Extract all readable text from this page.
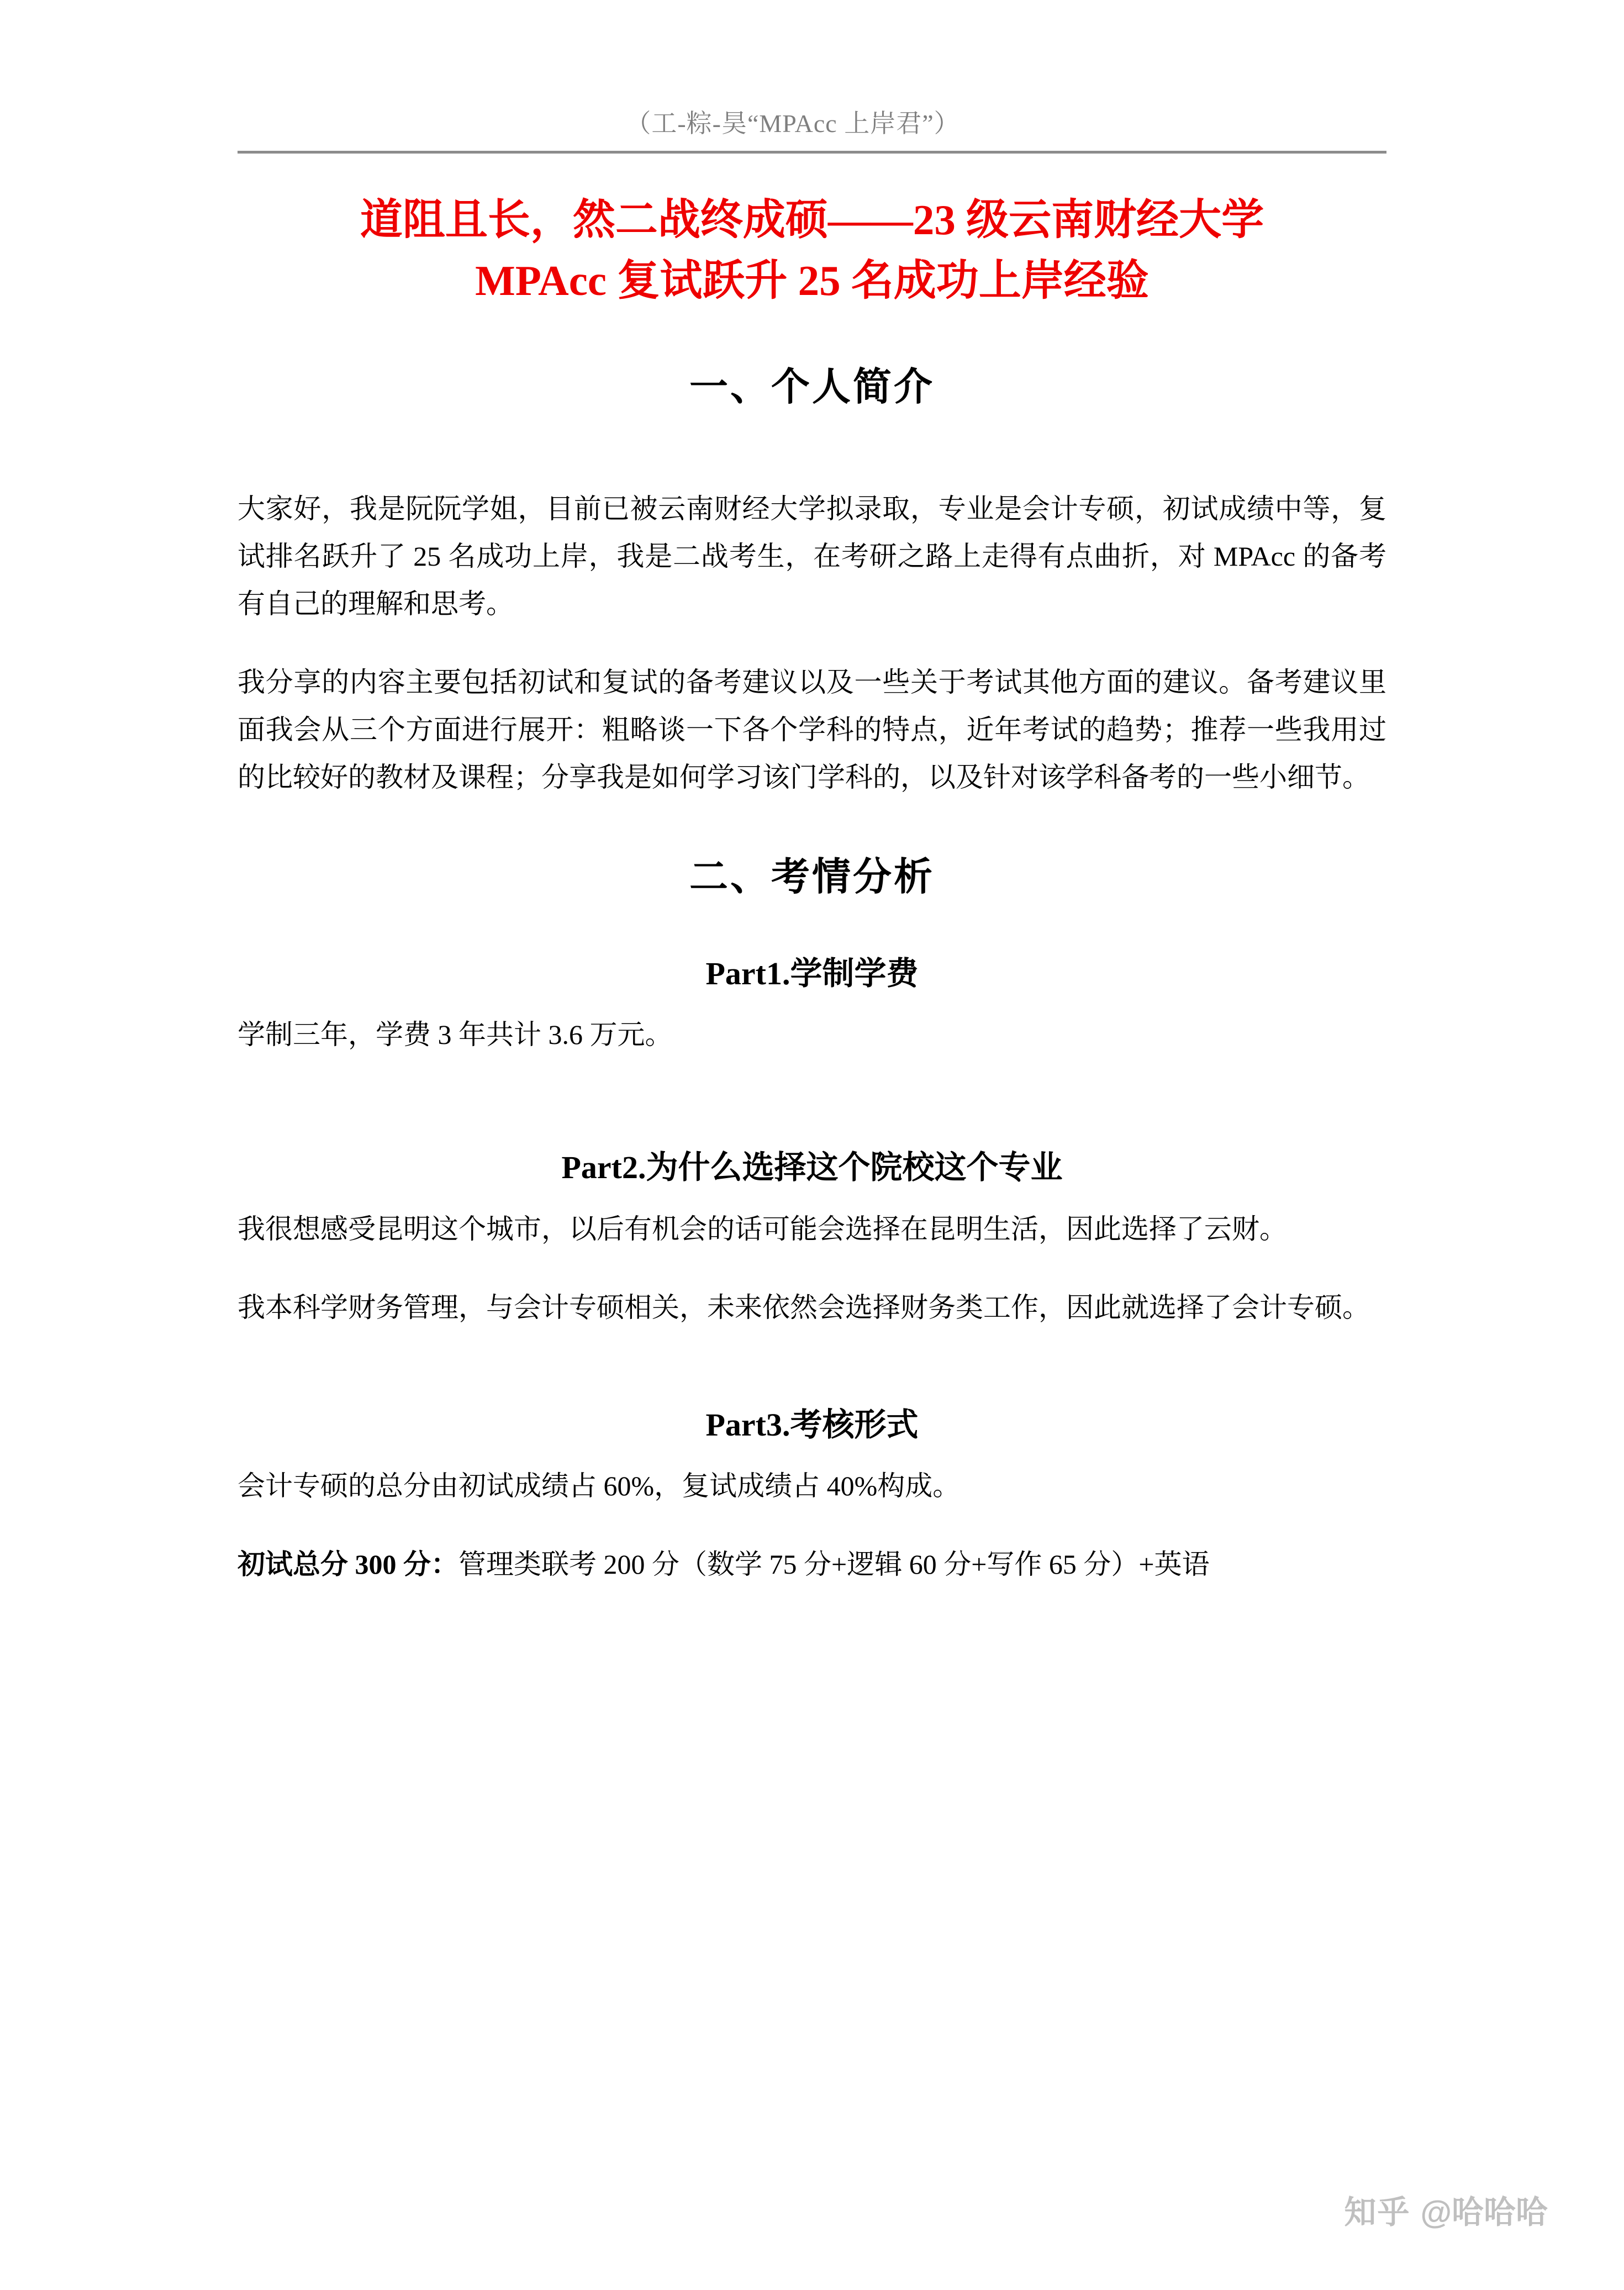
（工-粽-昊“MPAcc 上岸君”）
道阻且长，然二战终成硕——23 级云南财经大学
MPAcc 复试跃升 25 名成功上岸经验
一、个人简介

大家好，我是阮阮学姐，目前已被云南财经大学拟录取，专业是会计专硕，初试成绩中等，复试排名跃升了 25 名成功上岸，我是二战考生，在考研之路上走得有点曲折，对 MPAcc 的备考有自己的理解和思考。

我分享的内容主要包括初试和复试的备考建议以及一些关于考试其他方面的建议。备考建议里面我会从三个方面进行展开：粗略谈一下各个学科的特点，近年考试的趋势；推荐一些我用过的比较好的教材及课程；分享我是如何学习该门学科的，以及针对该学科备考的一些小细节。

二、考情分析
Part1.学制学费

学制三年，学费 3 年共计 3.6 万元。

Part2.为什么选择这个院校这个专业

我很想感受昆明这个城市，以后有机会的话可能会选择在昆明生活，因此选择了云财。

我本科学财务管理，与会计专硕相关，未来依然会选择财务类工作，因此就选择了会计专硕。

Part3.考核形式

会计专硕的总分由初试成绩占 60%，复试成绩占 40%构成。

初试总分 300 分：管理类联考 200 分（数学 75 分+逻辑 60 分+写作 65 分）+英语

知乎 @哈哈哈
